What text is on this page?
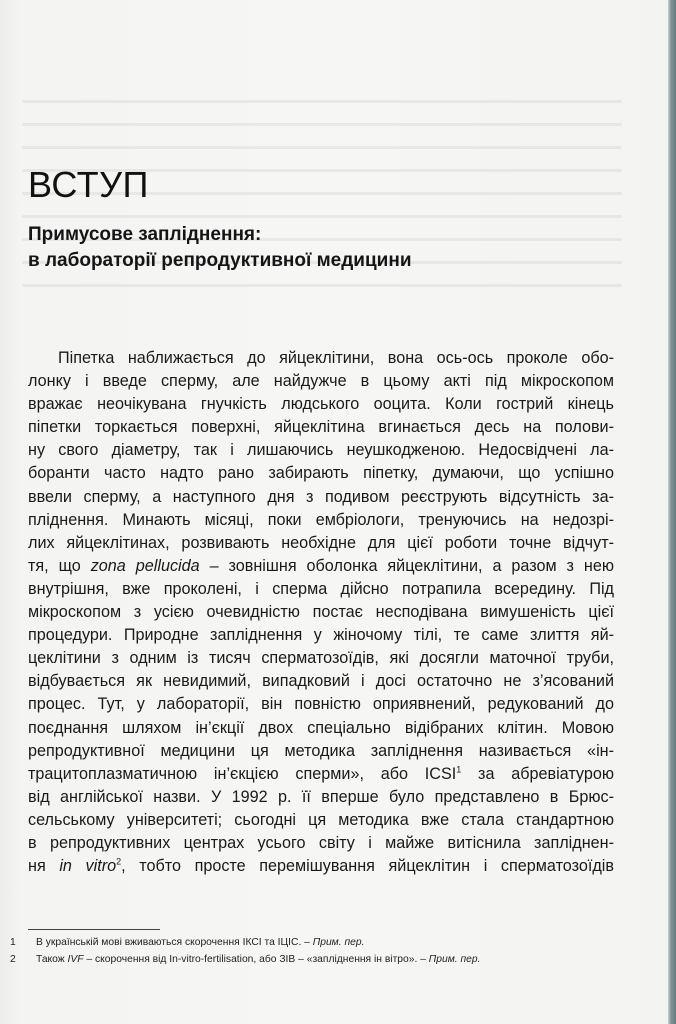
ВСТУП
Примусове запліднення:
в лабораторії репродуктивної медицини

Піпетка наближається до яйцеклітини, вона ось-ось проколе обо-
лонку і введе сперму, але найдужче в цьому акті під мікроскопом
вражає неочікувана гнучкість людського ооцита. Коли гострий кінець
піпетки торкається поверхні, яйцеклітина вгинається десь на полови-
ну свого діаметру, так і лишаючись неушкодженою. Недосвідчені ла-
боранти часто надто рано забирають піпетку, думаючи, що успішно
ввели сперму, а наступного дня з подивом реєструють відсутність за-
пліднення. Минають місяці, поки ембріологи, тренуючись на недозрі-
лих яйцеклітинах, розвивають необхідне для цієї роботи точне відчут-
тя, що zona pellucida – зовнішня оболонка яйцеклітини, а разом з нею
внутрішня, вже проколені, і сперма дійсно потрапила всередину. Під
мікроскопом з усією очевидністю постає несподівана вимушеність цієї
процедури. Природне запліднення у жіночому тілі, те саме злиття яй-
цеклітини з одним із тисяч сперматозоїдів, які досягли маточної труби,
відбувається як невидимий, випадковий і досі остаточно не з’ясований
процес. Тут, у лабораторії, він повністю оприявнений, редукований до
поєднання шляхом ін’єкції двох спеціально відібраних клітин. Мовою
репродуктивної медицини ця методика запліднення називається «ін-
трацитоплазматичною ін’єкцією сперми», або ICSI$^1$ за абревіатурою
від англійської назви. У 1992 р. її вперше було представлено в Брюс-
сельському університеті; сьогодні ця методика вже стала стандартною
в репродуктивних центрах усього світу і майже витіснила запліднен-
ня in vitro$^2$, тобто просте перемішування яйцеклітин і сперматозоїдів

1	В українській мові вживаються скорочення ІКСІ та ІЦІС. – Прим. пер.
2	Також IVF – скорочення від In-vitro-fertilisation, або ЗІВ – «запліднення ін вітро». – Прим. пер.
